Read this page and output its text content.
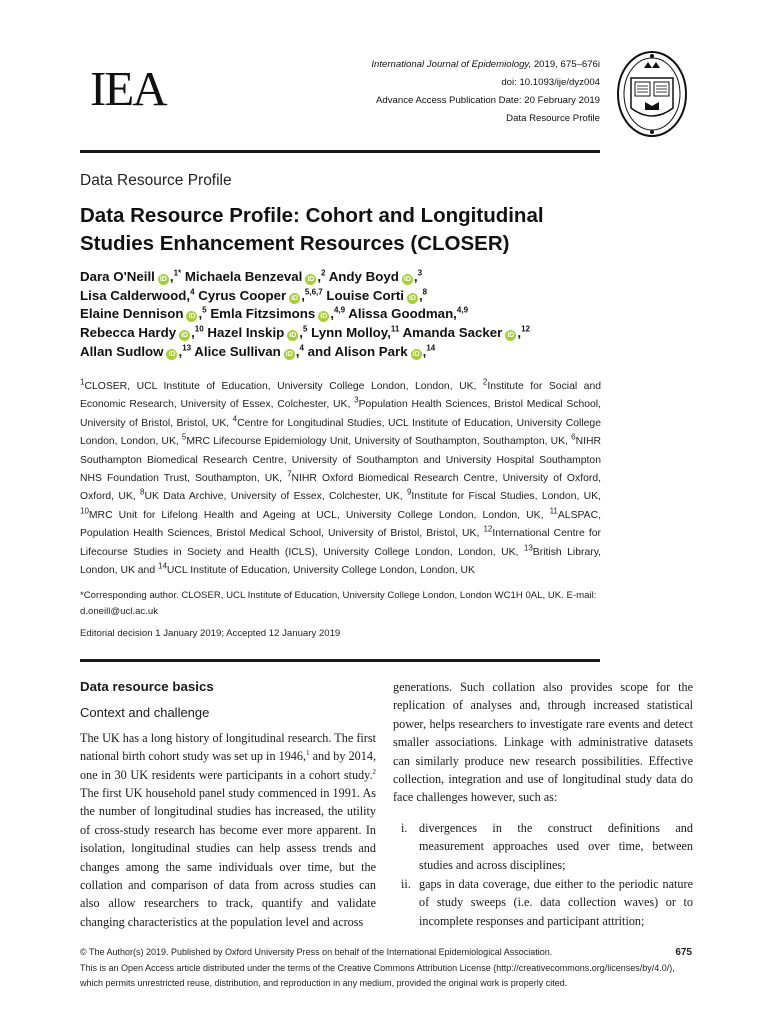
IEA	International Journal of Epidemiology, 2019, 675–676i
doi: 10.1093/ije/dyz004
Advance Access Publication Date: 20 February 2019
Data Resource Profile
Data Resource Profile
Data Resource Profile: Cohort and Longitudinal Studies Enhancement Resources (CLOSER)
Dara O'Neill iD ,$^{1*}$ Michaela Benzeval iD ,$^2$ Andy Boyd iD ,$^3$
Lisa Calderwood,$^4$ Cyrus Cooper iD ,$^{5,6,7}$ Louise Corti iD ,$^8$
Elaine Dennison iD ,$^5$ Emla Fitzsimons iD ,$^{4,9}$ Alissa Goodman,$^{4,9}$
Rebecca Hardy iD ,$^{10}$ Hazel Inskip iD ,$^5$ Lynn Molloy,$^{11}$ Amanda Sacker iD ,$^{12}$
Allan Sudlow iD ,$^{13}$ Alice Sullivan iD ,$^4$ and Alison Park iD ,$^{14}$
$^1$CLOSER, UCL Institute of Education, University College London, London, UK, $^2$Institute for Social and Economic Research, University of Essex, Colchester, UK, $^3$Population Health Sciences, Bristol Medical School, University of Bristol, Bristol, UK, $^4$Centre for Longitudinal Studies, UCL Institute of Education, University College London, London, UK, $^5$MRC Lifecourse Epidemiology Unit, University of Southampton, Southampton, UK, $^6$NIHR Southampton Biomedical Research Centre, University of Southampton and University Hospital Southampton NHS Foundation Trust, Southampton, UK, $^7$NIHR Oxford Biomedical Research Centre, University of Oxford, Oxford, UK, $^8$UK Data Archive, University of Essex, Colchester, UK, $^9$Institute for Fiscal Studies, London, UK, $^{10}$MRC Unit for Lifelong Health and Ageing at UCL, University College London, London, UK, $^{11}$ALSPAC, Population Health Sciences, Bristol Medical School, University of Bristol, Bristol, UK, $^{12}$International Centre for Lifecourse Studies in Society and Health (ICLS), University College London, London, UK, $^{13}$British Library, London, UK and $^{14}$UCL Institute of Education, University College London, London, UK
*Corresponding author. CLOSER, UCL Institute of Education, University College London, London WC1H 0AL, UK. E-mail: d.oneill@ucl.ac.uk
Editorial decision 1 January 2019; Accepted 12 January 2019
Data resource basics
Context and challenge

The UK has a long history of longitudinal research. The first national birth cohort study was set up in 1946,$^1$ and by 2014, one in 30 UK residents were participants in a cohort study.$^2$ The first UK household panel study commenced in 1991. As the number of longitudinal studies has increased, the utility of cross-study research has become ever more apparent. In isolation, longitudinal studies can help assess trends and changes among the same individuals over time, but the collation and comparison of data from across studies can also allow researchers to track, quantify and validate changing characteristics at the population level and across

generations. Such collation also provides scope for the replication of analyses and, through increased statistical power, helps researchers to investigate rare events and detect smaller associations. Linkage with administrative datasets can similarly produce new research possibilities. Effective collection, integration and use of longitudinal study data do face challenges however, such as:

i. divergences in the construct definitions and measurement approaches used over time, between studies and across disciplines;
ii. gaps in data coverage, due either to the periodic nature of study sweeps (i.e. data collection waves) or to incomplete responses and participant attrition;
675
© The Author(s) 2019. Published by Oxford University Press on behalf of the International Epidemiological Association.
This is an Open Access article distributed under the terms of the Creative Commons Attribution License (http://creativecommons.org/licenses/by/4.0/), which permits unrestricted reuse, distribution, and reproduction in any medium, provided the original work is properly cited.
